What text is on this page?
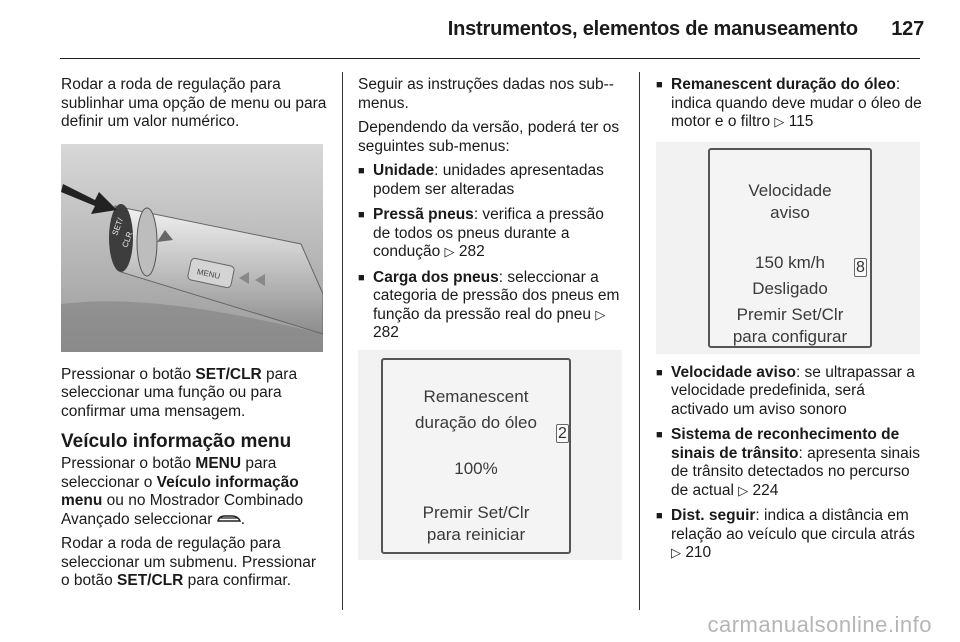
Instrumentos, elementos de manuseamento 127

Rodar a roda de regulação para sublinhar uma opção de menu ou para definir um valor numérico.

SET/
CLR
MENU

Pressionar o botão SET/CLR para seleccionar uma função ou para confirmar uma mensagem.

Veículo informação menu

Pressionar o botão MENU para seleccionar o Veículo informação menu ou no Mostrador Combinado Avançado seleccionar .

Rodar a roda de regulação para seleccionar um submenu. Pressionar o botão SET/CLR para confirmar.

Seguir as instruções dadas nos sub--menus.

Dependendo da versão, poderá ter os seguintes sub-menus:

■ Unidade: unidades apresentadas podem ser alteradas
■ Pressã pneus: verifica a pressão de todos os pneus durante a condução ▷ 282
■ Carga dos pneus: seleccionar a categoria de pressão dos pneus em função da pressão real do pneu ▷ 282
Remanescent
duração do óleo
100%
Premir Set/Clr
para reiniciar
2
■ Remanescent duração do óleo: indica quando deve mudar o óleo de motor e o filtro ▷ 115
Velocidade
aviso
150 km/h
Desligado
Premir Set/Clr
para configurar
8
■ Velocidade aviso: se ultrapassar a velocidade predefinida, será activado um aviso sonoro
■ Sistema de reconhecimento de sinais de trânsito: apresenta sinais de trânsito detectados no percurso de actual ▷ 224
■ Dist. seguir: indica a distância em relação ao veículo que circula atrás ▷ 210
carmanualsonline.info
